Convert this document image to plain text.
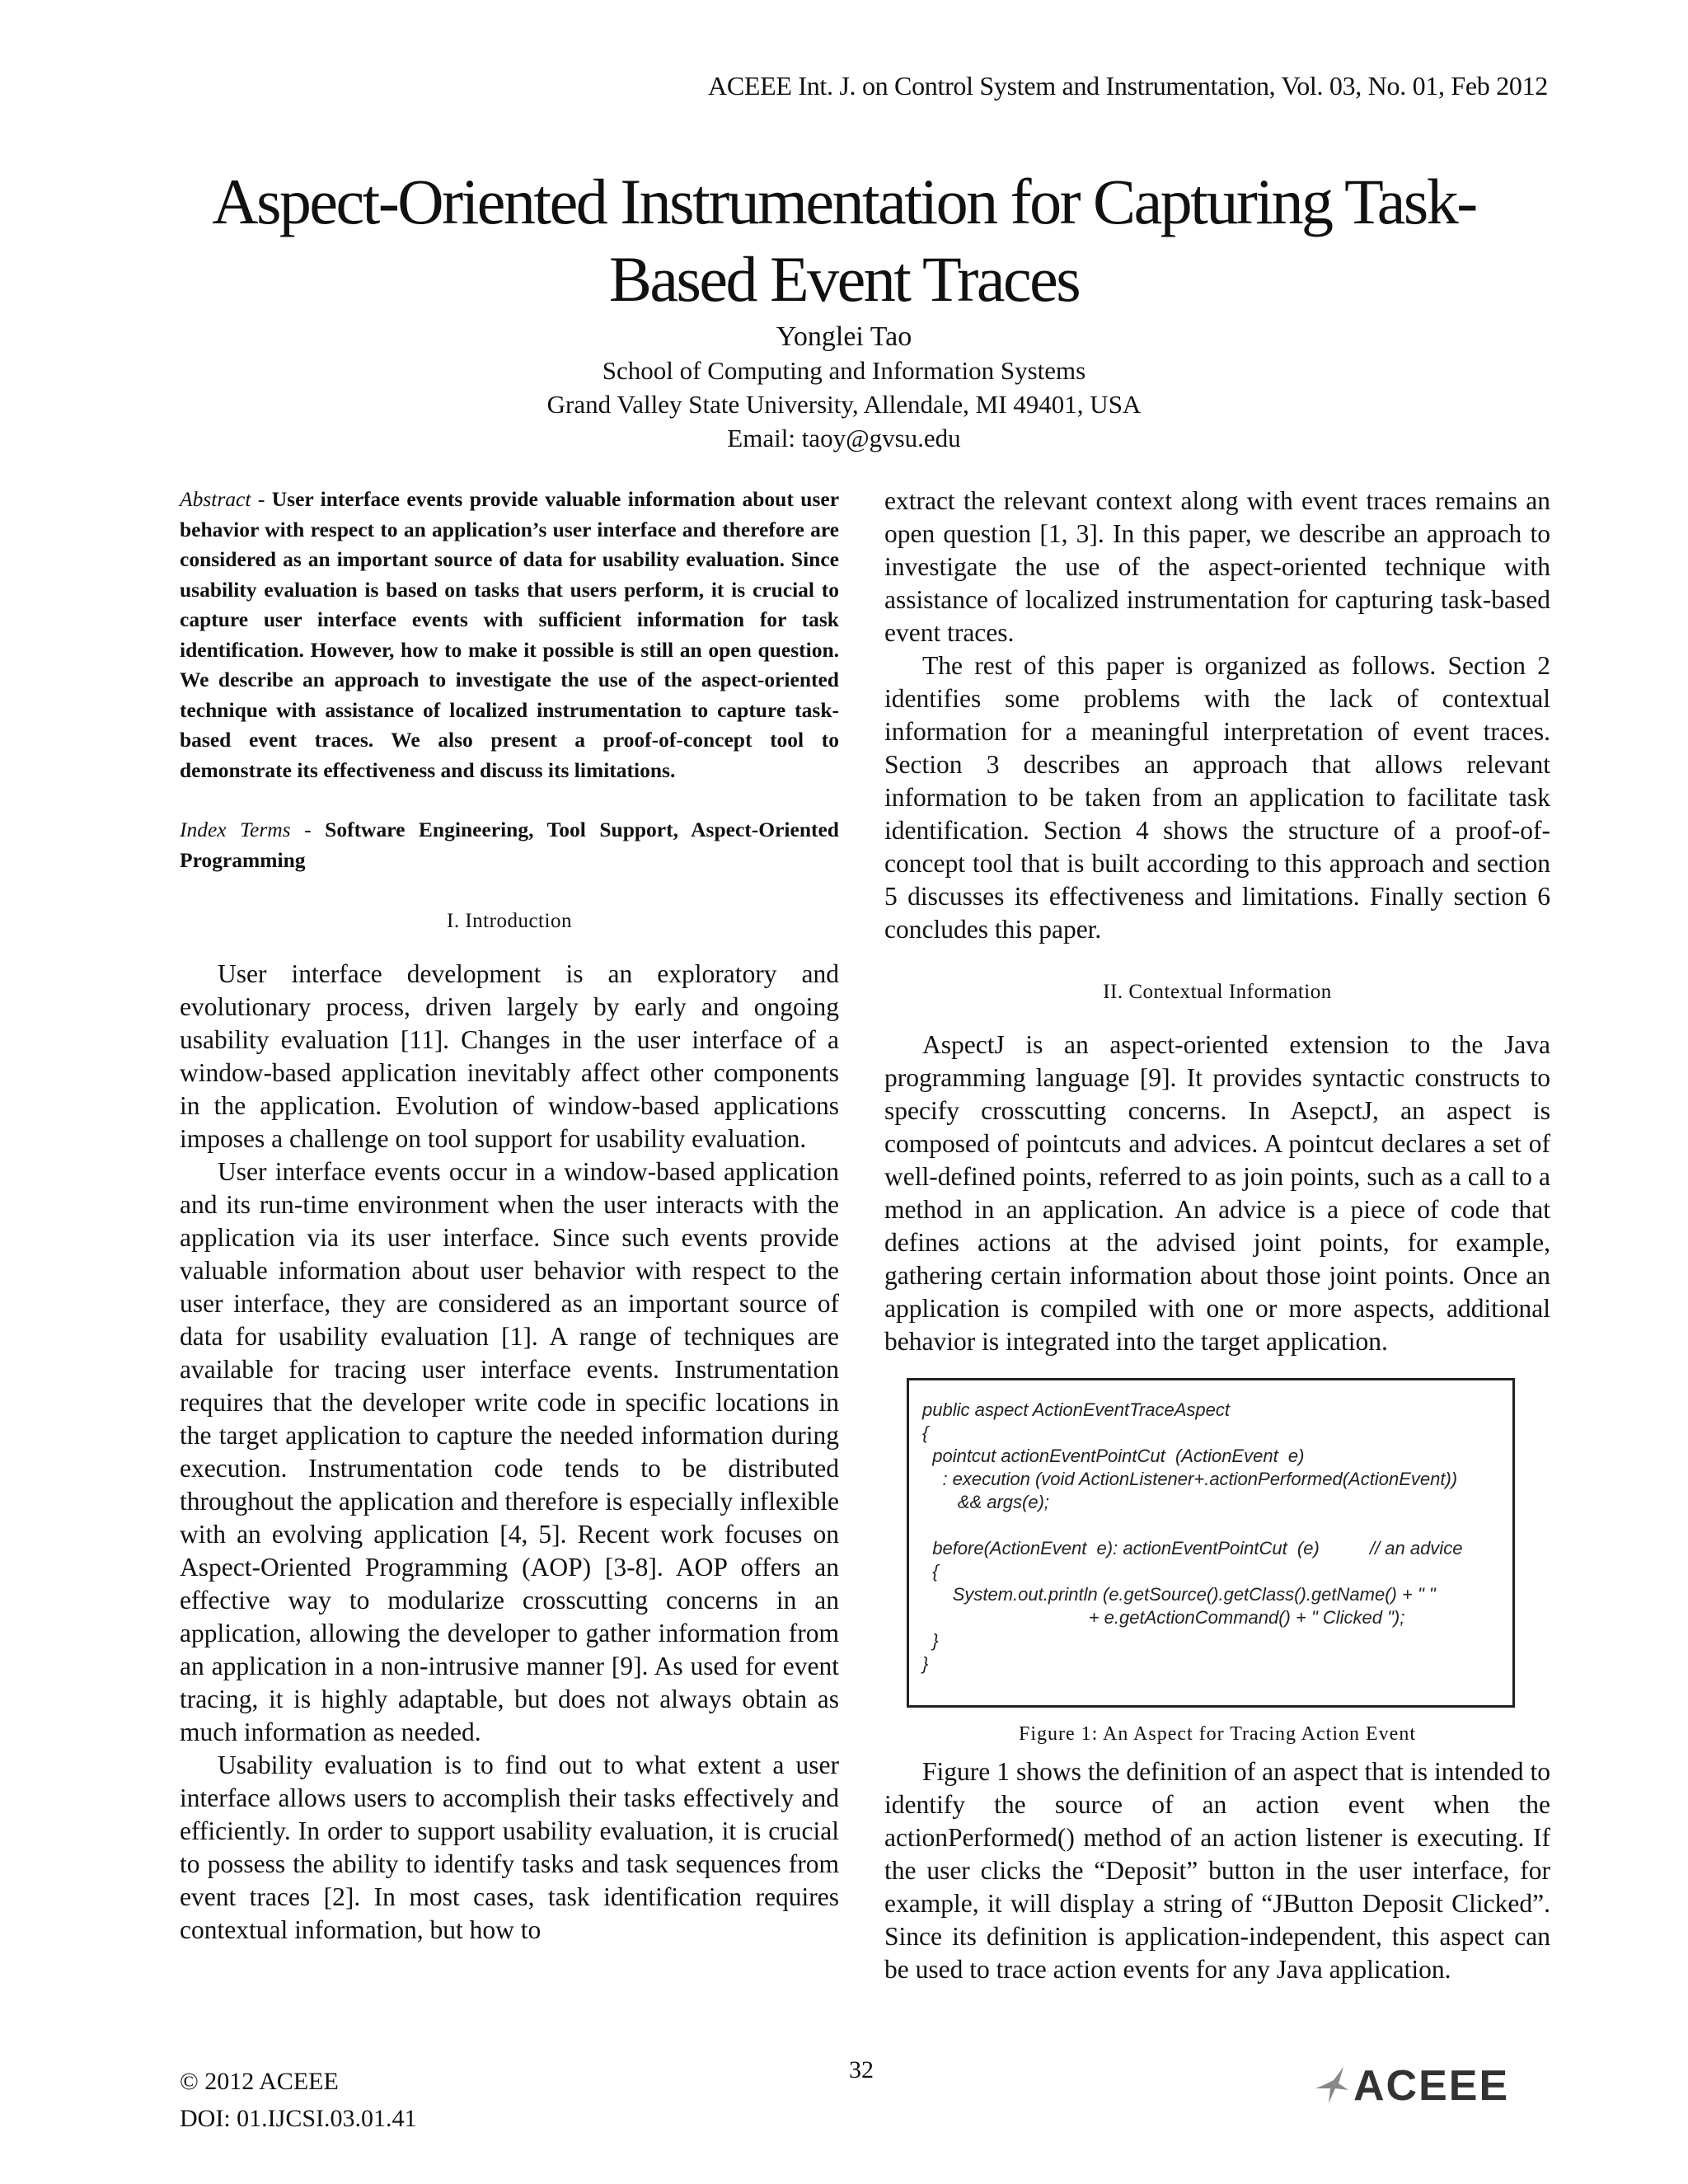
ACEEE Int. J. on Control System and Instrumentation, Vol. 03, No. 01, Feb 2012
Aspect-Oriented Instrumentation for Capturing Task-
Based Event Traces
Yonglei Tao
School of Computing and Information Systems
Grand Valley State University, Allendale, MI 49401, USA
Email: taoy@gvsu.edu

Abstract - User interface events provide valuable information about user behavior with respect to an application’s user interface and therefore are considered as an important source of data for usability evaluation. Since usability evaluation is based on tasks that users perform, it is crucial to capture user interface events with sufficient information for task identification. However, how to make it possible is still an open question. We describe an approach to investigate the use of the aspect-oriented technique with assistance of localized instrumentation to capture task-based event traces. We also present a proof-of-concept tool to demonstrate its effectiveness and discuss its limitations.

Index Terms - Software Engineering, Tool Support, Aspect-Oriented Programming

I. Introduction

User interface development is an exploratory and evolutionary process, driven largely by early and ongoing usability evaluation [11]. Changes in the user interface of a window-based application inevitably affect other components in the application. Evolution of window-based applications imposes a challenge on tool support for usability evaluation.

User interface events occur in a window-based application and its run-time environment when the user interacts with the application via its user interface. Since such events provide valuable information about user behavior with respect to the user interface, they are considered as an important source of data for usability evaluation [1]. A range of techniques are available for tracing user interface events. Instrumentation requires that the developer write code in specific locations in the target application to capture the needed information during execution. Instrumentation code tends to be distributed throughout the application and therefore is especially inflexible with an evolving application [4, 5]. Recent work focuses on Aspect-Oriented Programming (AOP) [3-8]. AOP offers an effective way to modularize crosscutting concerns in an application, allowing the developer to gather information from an application in a non-intrusive manner [9]. As used for event tracing, it is highly adaptable, but does not always obtain as much information as needed.

Usability evaluation is to find out to what extent a user interface allows users to accomplish their tasks effectively and efficiently. In order to support usability evaluation, it is crucial to possess the ability to identify tasks and task sequences from event traces [2]. In most cases, task identification requires contextual information, but how to

extract the relevant context along with event traces remains an open question [1, 3]. In this paper, we describe an approach to investigate the use of the aspect-oriented technique with assistance of localized instrumentation for capturing task-based event traces.

The rest of this paper is organized as follows. Section 2 identifies some problems with the lack of contextual information for a meaningful interpretation of event traces. Section 3 describes an approach that allows relevant information to be taken from an application to facilitate task identification. Section 4 shows the structure of a proof-of-concept tool that is built according to this approach and section 5 discusses its effectiveness and limitations. Finally section 6 concludes this paper.

II. Contextual Information

AspectJ is an aspect-oriented extension to the Java programming language [9]. It provides syntactic constructs to specify crosscutting concerns. In AsepctJ, an aspect is composed of pointcuts and advices. A pointcut declares a set of well-defined points, referred to as join points, such as a call to a method in an application. An advice is a piece of code that defines actions at the advised joint points, for example, gathering certain information about those joint points. Once an application is compiled with one or more aspects, additional behavior is integrated into the target application.

public aspect ActionEventTraceAspect
{
pointcut actionEventPointCut  (ActionEvent  e)
: execution (void ActionListener+.actionPerformed(ActionEvent))
&& args(e);

before(ActionEvent  e): actionEventPointCut  (e)          // an advice
{
System.out.println (e.getSource().getClass().getName() + " "
+ e.getActionCommand() + " Clicked ");
}
}
Figure 1: An Aspect for Tracing Action Event

Figure 1 shows the definition of an aspect that is intended to identify the source of an action event when the actionPerformed() method of an action listener is executing. If the user clicks the “Deposit” button in the user interface, for example, it will display a string of “JButton Deposit Clicked”. Since its definition is application-independent, this aspect can be used to trace action events for any Java application.

© 2012 ACEEE
DOI: 01.IJCSI.03.01.41
32	ACEEE
